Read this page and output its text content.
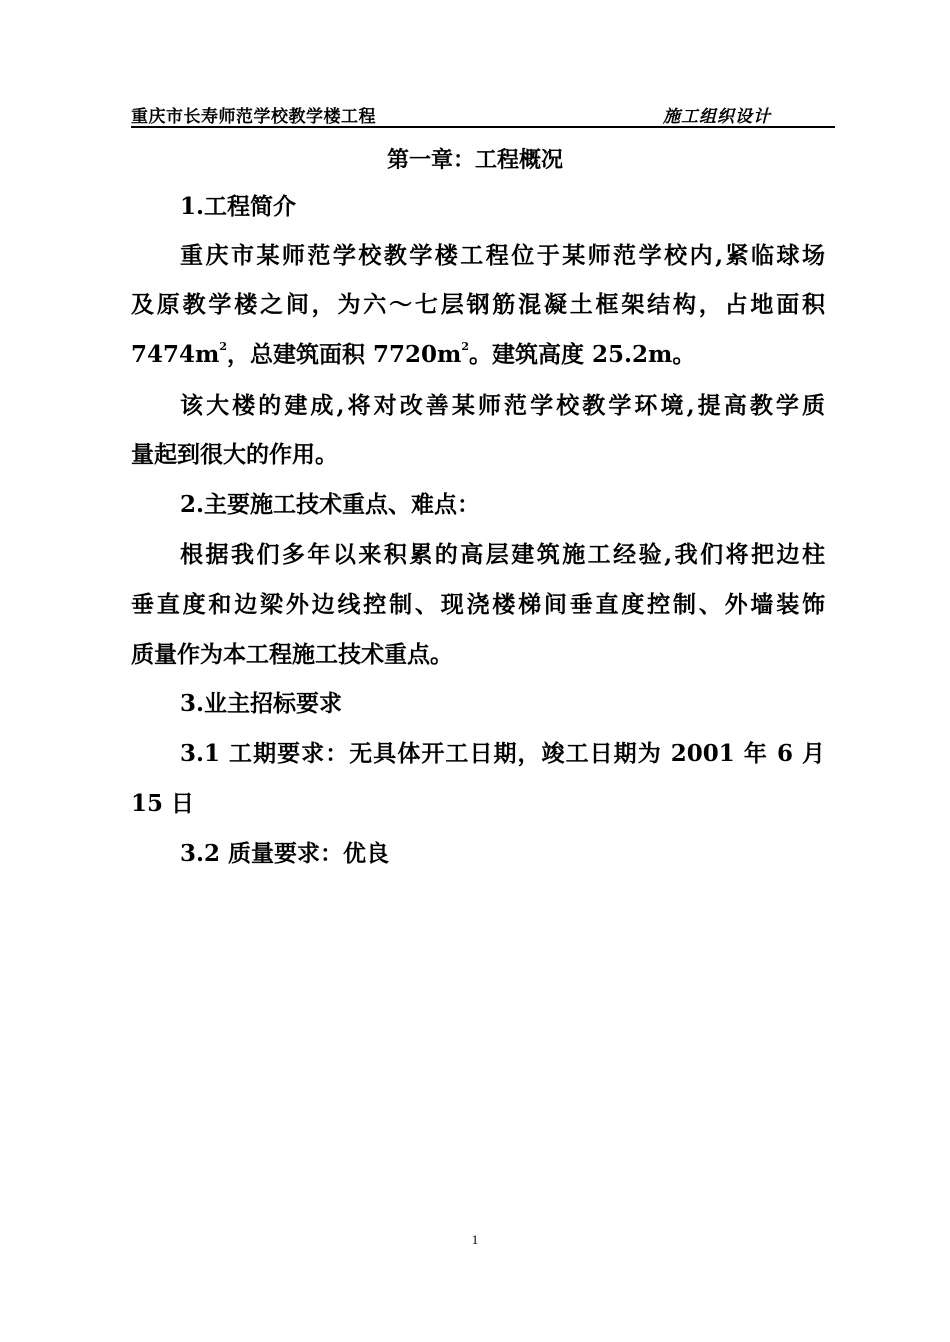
重庆市长寿师范学校教学楼工程	施工组织设计
第一章：工程概况
1.工程简介
重庆市某师范学校教学楼工程位于某师范学校内,紧临球场
及原教学楼之间，为六～七层钢筋混凝土框架结构，占地面积
$7474m^2$，总建筑面积 $7720m^2$。建筑高度 25.2m。
该大楼的建成,将对改善某师范学校教学环境,提高教学质
量起到很大的作用。
2.主要施工技术重点、难点：
根据我们多年以来积累的高层建筑施工经验,我们将把边柱
垂直度和边梁外边线控制、现浇楼梯间垂直度控制、外墙装饰
质量作为本工程施工技术重点。
3.业主招标要求
3.1 工期要求：无具体开工日期，竣工日期为 2001 年 6 月
15 日
3.2 质量要求：优良
1
